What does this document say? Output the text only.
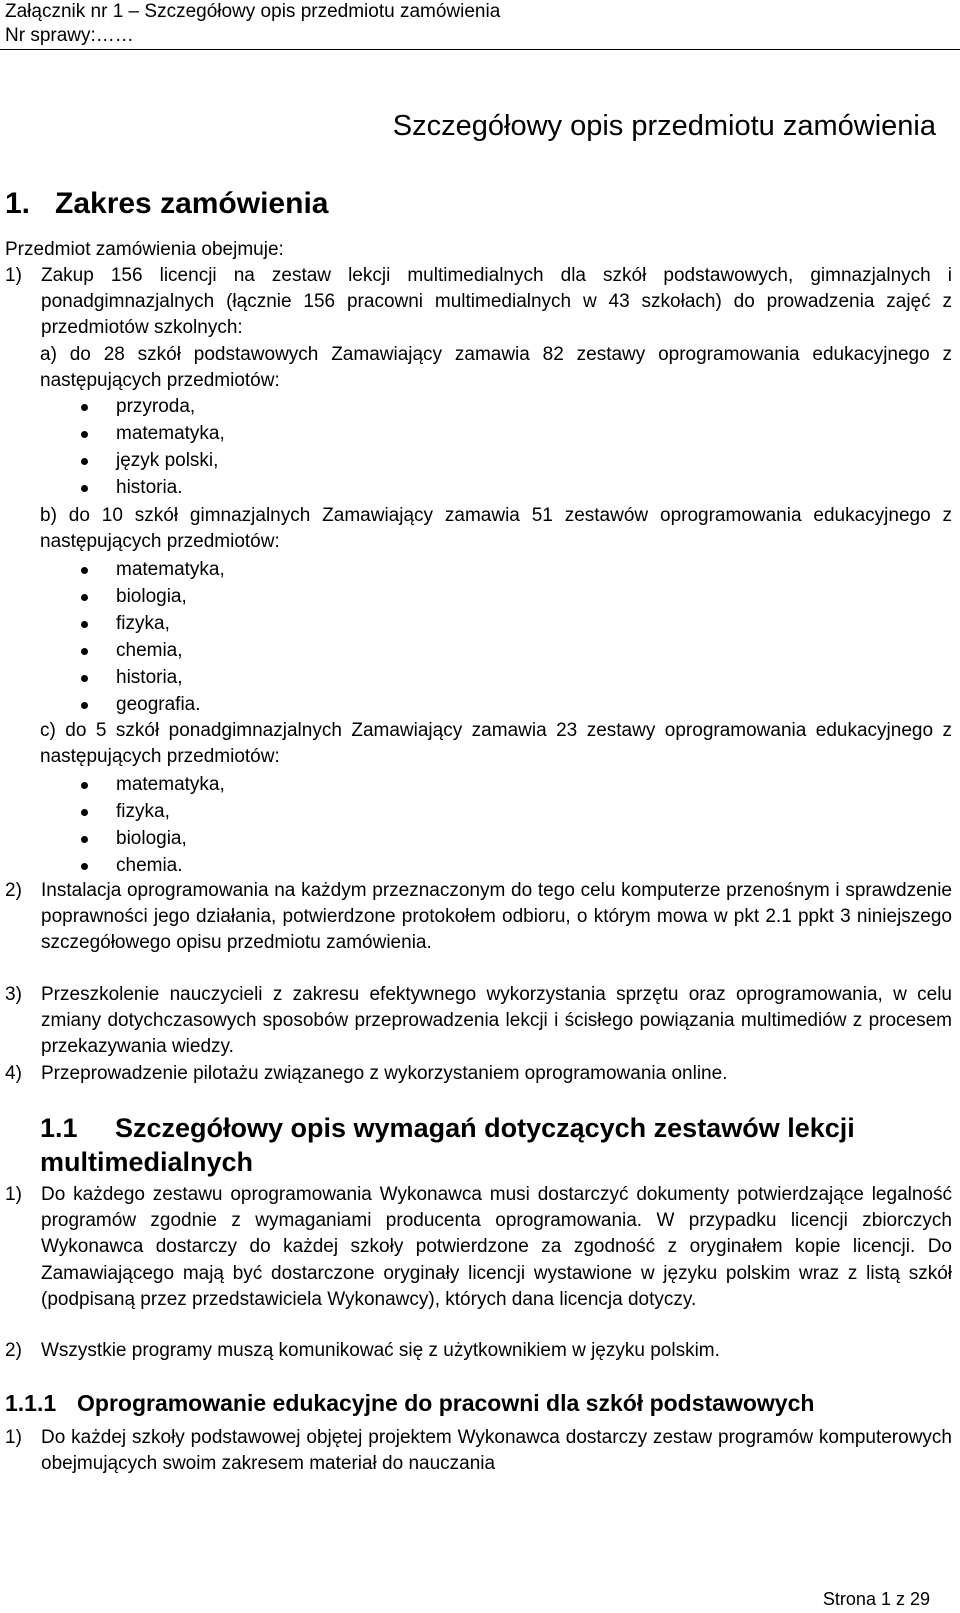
Załącznik nr 1 – Szczegółowy opis przedmiotu zamówienia
Nr sprawy:……
Szczegółowy opis przedmiotu zamówienia
1. Zakres zamówienia
Przedmiot zamówienia obejmuje:
1) Zakup 156 licencji na zestaw lekcji multimedialnych dla szkół podstawowych, gimnazjalnych i ponadgimnazjalnych (łącznie 156 pracowni multimedialnych w 43 szkołach) do prowadzenia zajęć z przedmiotów szkolnych:
a) do 28 szkół podstawowych Zamawiający zamawia 82 zestawy oprogramowania edukacyjnego z następujących przedmiotów:
przyroda,
matematyka,
język polski,
historia.
b) do 10 szkół gimnazjalnych Zamawiający zamawia 51 zestawów oprogramowania edukacyjnego z następujących przedmiotów:
matematyka,
biologia,
fizyka,
chemia,
historia,
geografia.
c) do 5 szkół ponadgimnazjalnych Zamawiający zamawia 23 zestawy oprogramowania edukacyjnego z następujących przedmiotów:
matematyka,
fizyka,
biologia,
chemia.
2) Instalacja oprogramowania na każdym przeznaczonym do tego celu komputerze przenośnym i sprawdzenie poprawności jego działania, potwierdzone protokołem odbioru, o którym mowa w pkt 2.1 ppkt 3 niniejszego szczegółowego opisu przedmiotu zamówienia.
3) Przeszkolenie nauczycieli z zakresu efektywnego wykorzystania sprzętu oraz oprogramowania, w celu zmiany dotychczasowych sposobów przeprowadzenia lekcji i ścisłego powiązania multimediów z procesem przekazywania wiedzy.
4) Przeprowadzenie pilotażu związanego z wykorzystaniem oprogramowania online.
1.1 Szczegółowy opis wymagań dotyczących zestawów lekcji multimedialnych
1) Do każdego zestawu oprogramowania Wykonawca musi dostarczyć dokumenty potwierdzające legalność programów zgodnie z wymaganiami producenta oprogramowania. W przypadku licencji zbiorczych Wykonawca dostarczy do każdej szkoły potwierdzone za zgodność z oryginałem kopie licencji. Do Zamawiającego mają być dostarczone oryginały licencji wystawione w języku polskim wraz z listą szkół (podpisaną przez przedstawiciela Wykonawcy), których dana licencja dotyczy.
2) Wszystkie programy muszą komunikować się z użytkownikiem w języku polskim.
1.1.1 Oprogramowanie edukacyjne do pracowni dla szkół podstawowych
1) Do każdej szkoły podstawowej objętej projektem Wykonawca dostarczy zestaw programów komputerowych obejmujących swoim zakresem materiał do nauczania
Strona 1 z 29
